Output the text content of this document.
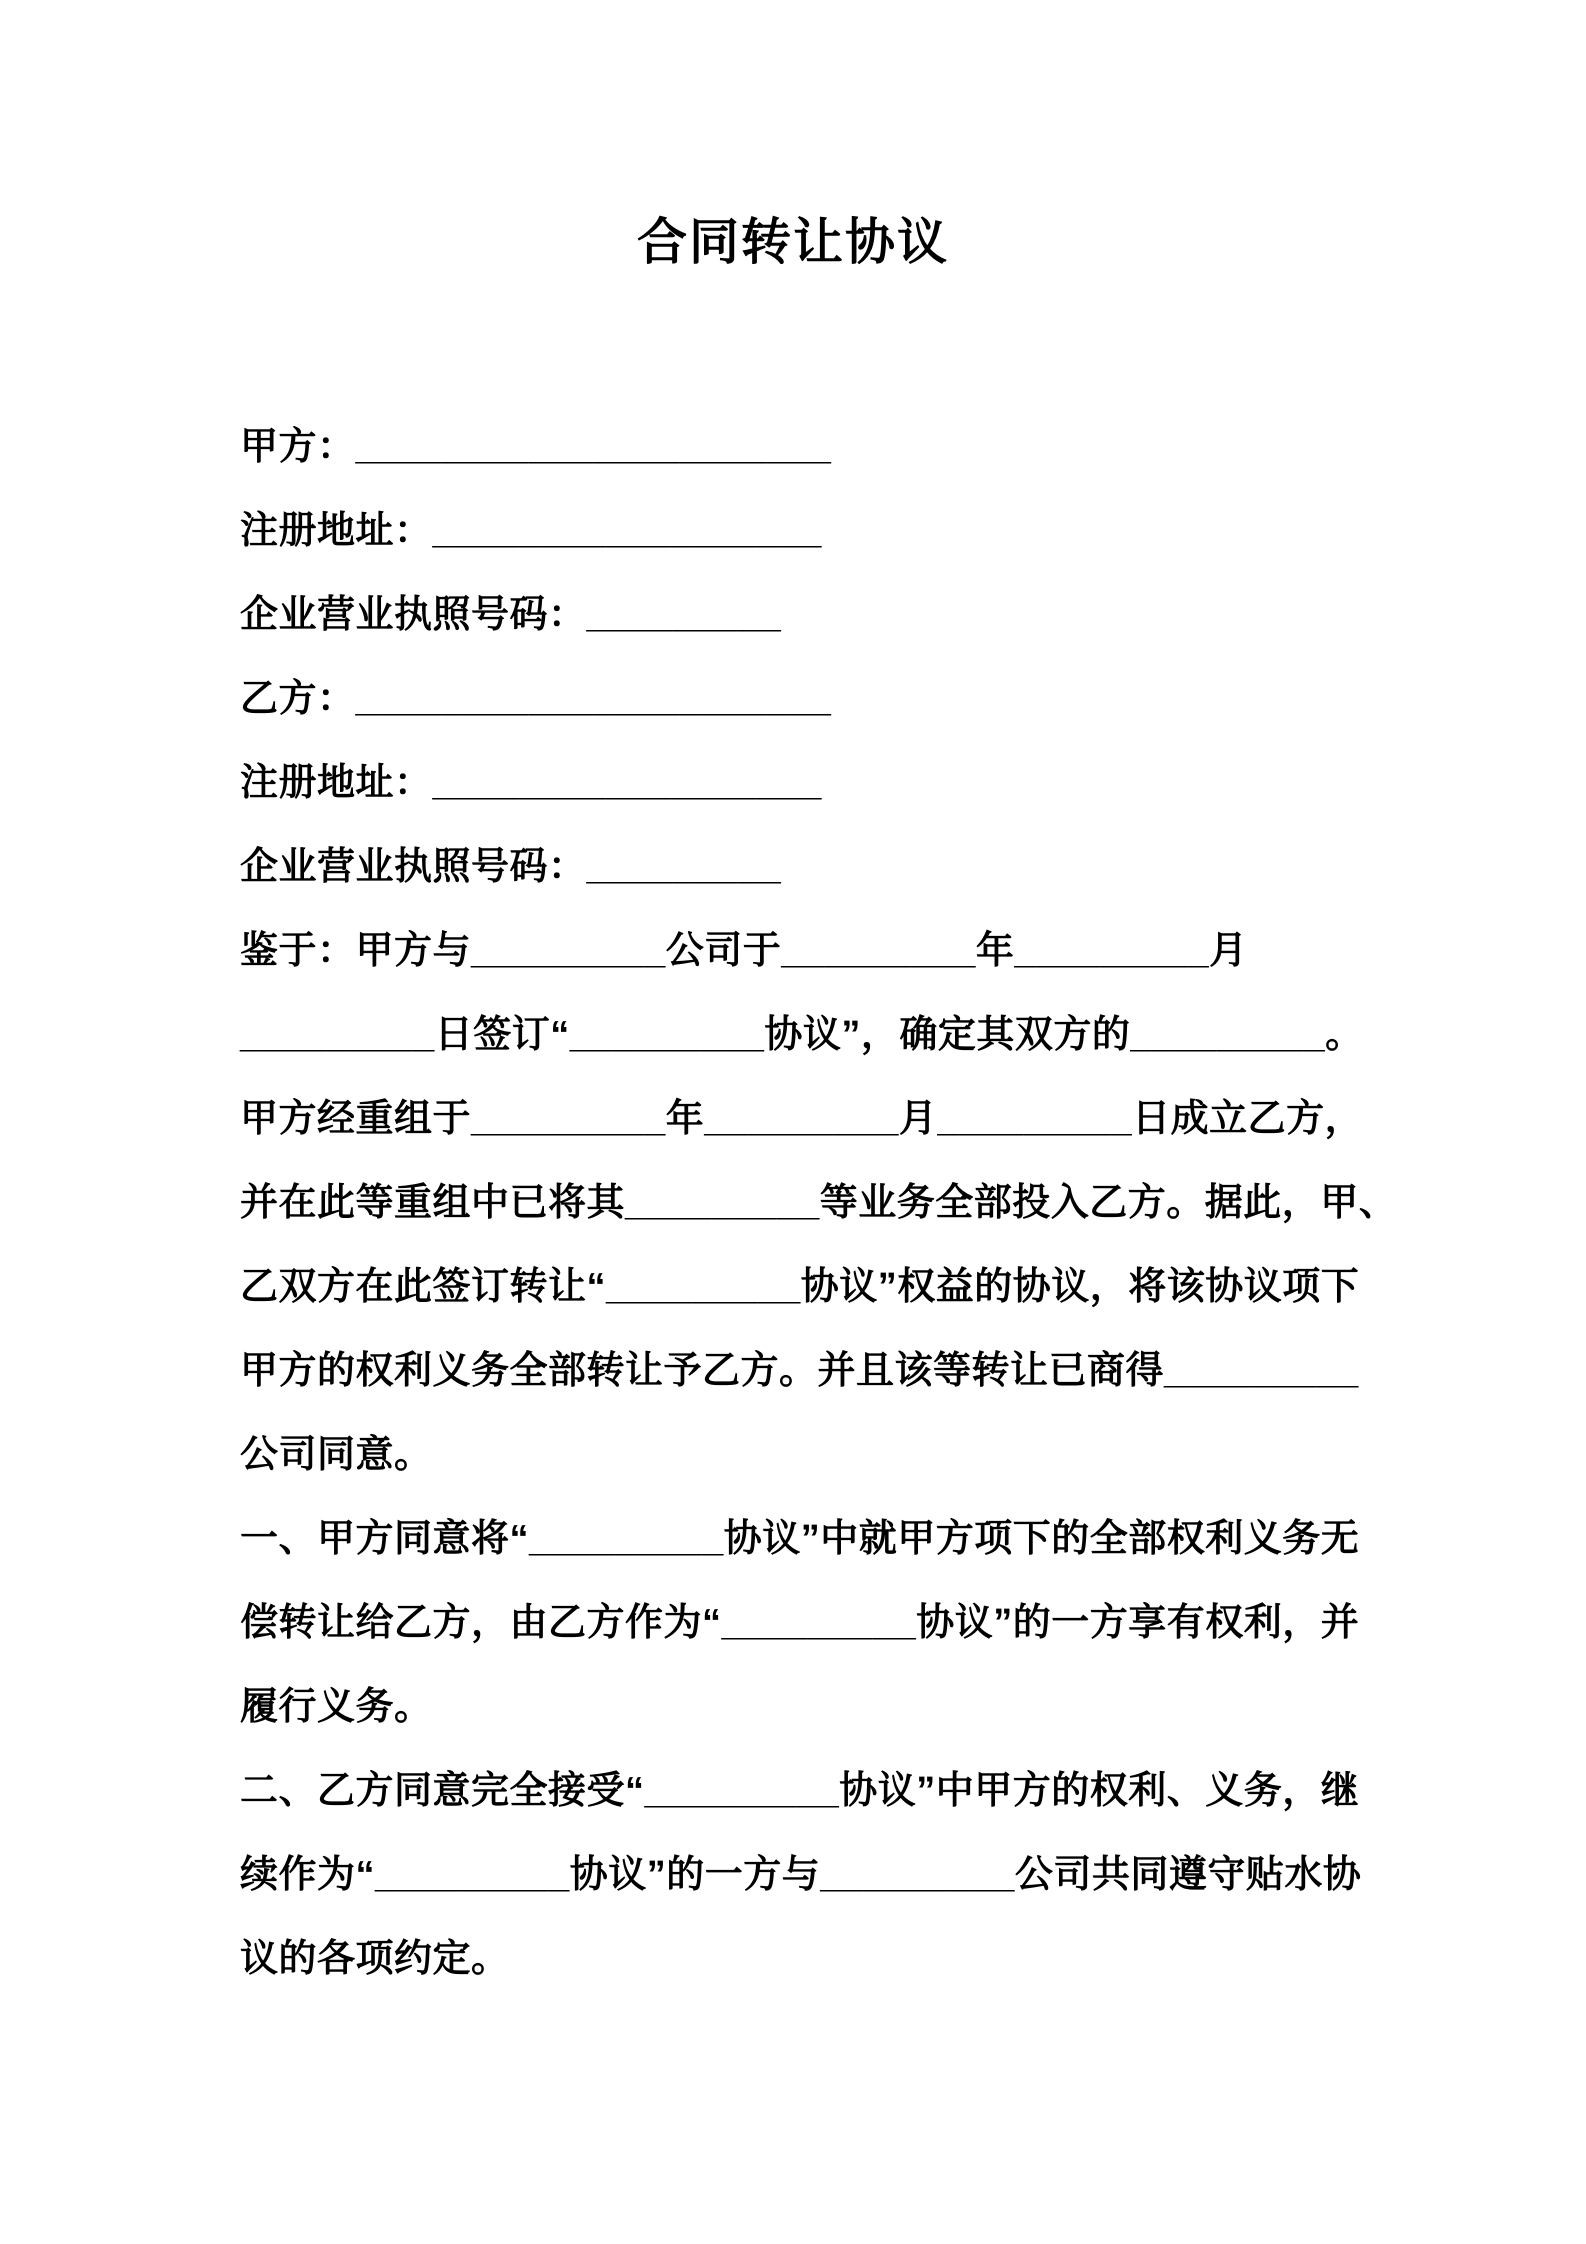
合同转让协议
甲方：______________________
注册地址：__________________
企业营业执照号码：_________
乙方：______________________
注册地址：__________________
企业营业执照号码：_________
鉴于：甲方与_________公司于_________年_________月
_________日签订“_________协议”，确定其双方的_________。
甲方经重组于_________年_________月_________日成立乙方，
并在此等重组中已将其_________等业务全部投入乙方。据此，甲、
乙双方在此签订转让“_________协议”权益的协议，将该协议项下
甲方的权利义务全部转让予乙方。并且该等转让已商得_________
公司同意。
一、甲方同意将“_________协议”中就甲方项下的全部权利义务无
偿转让给乙方，由乙方作为“_________协议”的一方享有权利，并
履行义务。
二、乙方同意完全接受“_________协议”中甲方的权利、义务，继
续作为“_________协议”的一方与_________公司共同遵守贴水协
议的各项约定。
